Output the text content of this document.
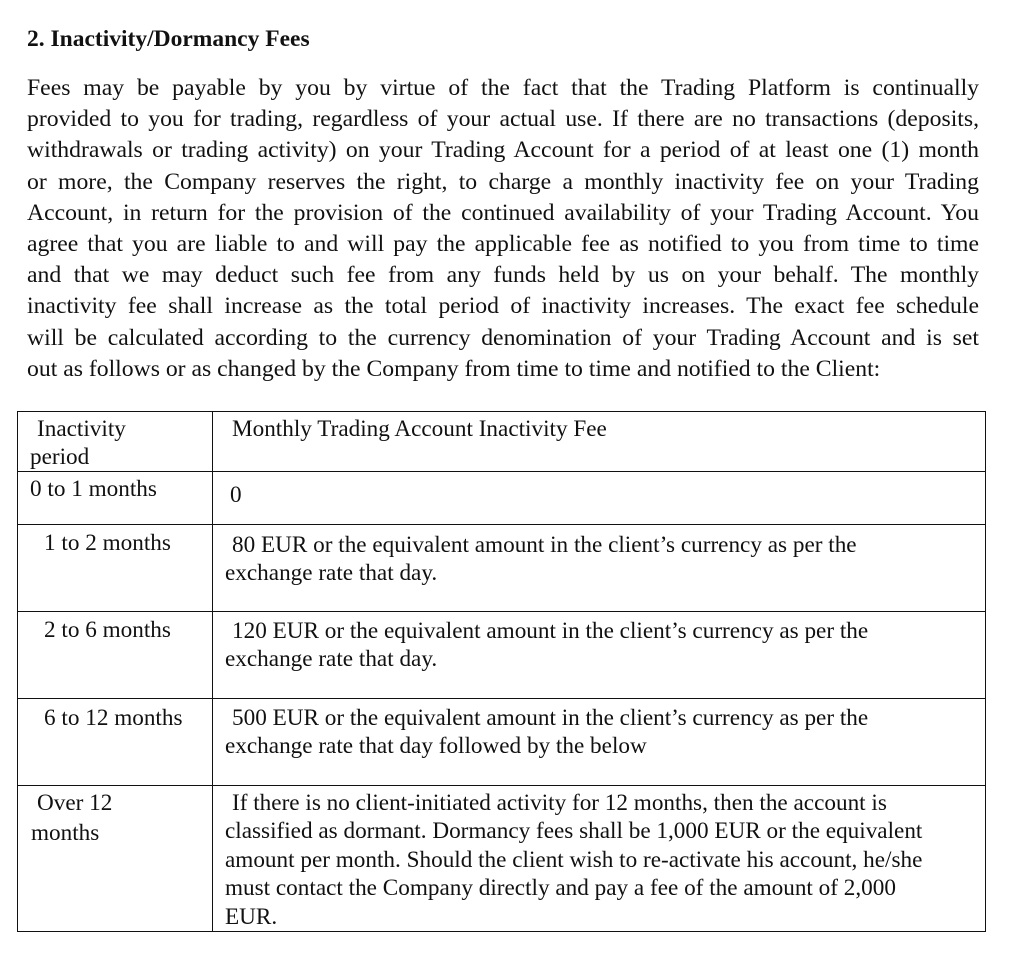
2. Inactivity/Dormancy Fees
Fees may be payable by you by virtue of the fact that the Trading Platform is continually
provided to you for trading, regardless of your actual use. If there are no transactions (deposits,
withdrawals or trading activity) on your Trading Account for a period of at least one (1) month
or more, the Company reserves the right, to charge a monthly inactivity fee on your Trading
Account, in return for the provision of the continued availability of your Trading Account. You
agree that you are liable to and will pay the applicable fee as notified to you from time to time
and that we may deduct such fee from any funds held by us on your behalf. The monthly
inactivity fee shall increase as the total period of inactivity increases. The exact fee schedule
will be calculated according to the currency denomination of your Trading Account and is set
out as follows or as changed by the Company from time to time and notified to the Client:
Inactivity
period	Monthly Trading Account Inactivity Fee

0 to 1 months	0

1 to 2 months	80 EUR or the equivalent amount in the client’s currency as per the
exchange rate that day.

2 to 6 months	120 EUR or the equivalent amount in the client’s currency as per the
exchange rate that day.

6 to 12 months	500 EUR or the equivalent amount in the client’s currency as per the
exchange rate that day followed by the below

Over 12
months	If there is no client-initiated activity for 12 months, then the account is
classified as dormant. Dormancy fees shall be 1,000 EUR or the equivalent
amount per month. Should the client wish to re-activate his account, he/she
must contact the Company directly and pay a fee of the amount of 2,000
EUR.
